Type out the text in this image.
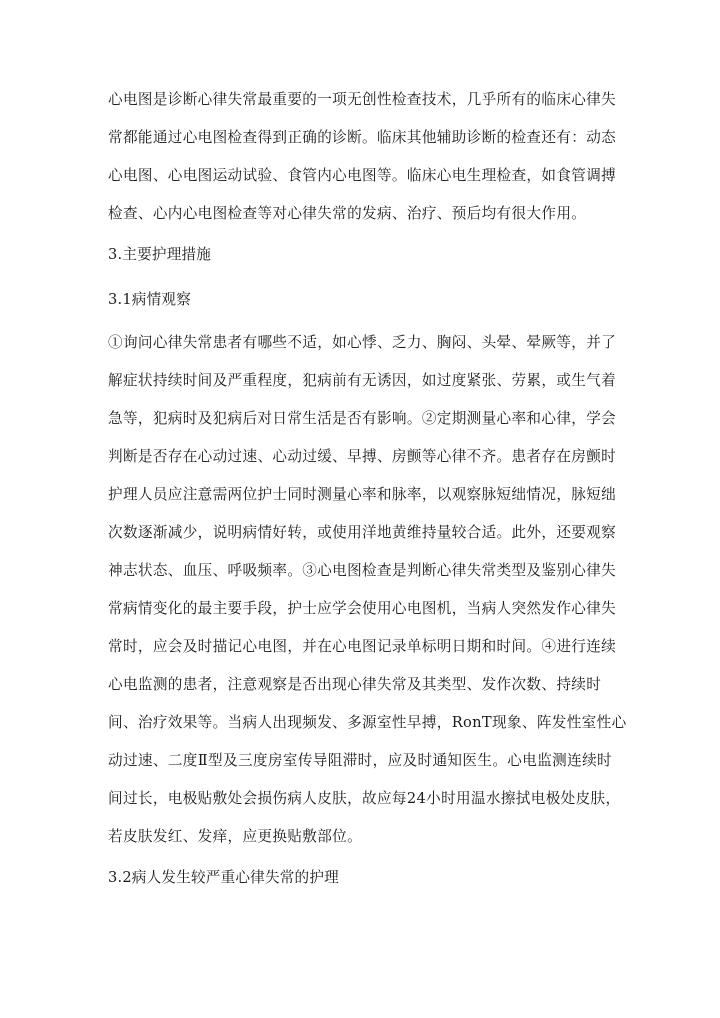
心电图是诊断心律失常最重要的一项无创性检查技术，几乎所有的临床心律失
常都能通过心电图检查得到正确的诊断。临床其他辅助诊断的检查还有：动态
心电图、心电图运动试验、食管内心电图等。临床心电生理检查，如食管调搏
检查、心内心电图检查等对心律失常的发病、治疗、预后均有很大作用。
3.主要护理措施
3.1病情观察
①询问心律失常患者有哪些不适，如心悸、乏力、胸闷、头晕、晕厥等，并了
解症状持续时间及严重程度，犯病前有无诱因，如过度紧张、劳累，或生气着
急等，犯病时及犯病后对日常生活是否有影响。②定期测量心率和心律，学会
判断是否存在心动过速、心动过缓、早搏、房颤等心律不齐。患者存在房颤时
护理人员应注意需两位护士同时测量心率和脉率，以观察脉短绌情况，脉短绌
次数逐渐减少，说明病情好转，或使用洋地黄维持量较合适。此外，还要观察
神志状态、血压、呼吸频率。③心电图检查是判断心律失常类型及鉴别心律失
常病情变化的最主要手段，护士应学会使用心电图机，当病人突然发作心律失
常时，应会及时描记心电图，并在心电图记录单标明日期和时间。④进行连续
心电监测的患者，注意观察是否出现心律失常及其类型、发作次数、持续时
间、治疗效果等。当病人出现频发、多源室性早搏，RonT现象、阵发性室性心
动过速、二度Ⅱ型及三度房室传导阻滞时，应及时通知医生。心电监测连续时
间过长，电极贴敷处会损伤病人皮肤，故应每24小时用温水擦拭电极处皮肤，
若皮肤发红、发痒，应更换贴敷部位。
3.2病人发生较严重心律失常的护理
